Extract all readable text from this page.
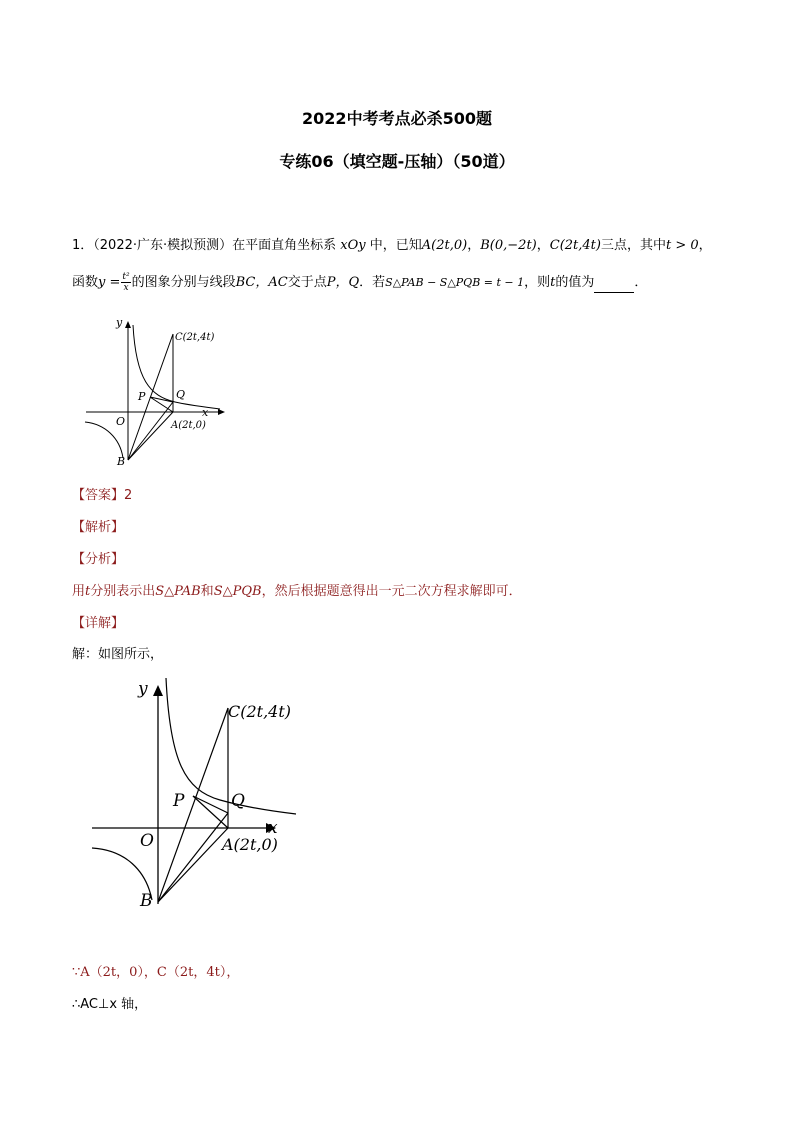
2022中考考点必杀500题
专练06（填空题-压轴）（50道）
1．（2022·广东·模拟预测）在平面直角坐标系 xOy 中，已知A(2t,0)，B(0,−2t)，C(2t,4t)三点，其中t > 0，
函数$y = \frac{\text{t²}}{x}$ 的图象分别与线段BC，AC交于点P，Q．若S△PAB − S△PQB = t − 1，则t的值为	．
y
x
O
P	Q
B
C(2t,4t)
A(2t,0)
【答案】2
【解析】
【分析】
用t分别表示出S△PAB和S△PQB，然后根据题意得出一元二次方程求解即可．
【详解】
解：如图所示，
y
x
O
P	Q
B
C(2t,4t)
A(2t,0)
∵A（2t，0），C（2t，4t），
∴AC⊥x 轴，
